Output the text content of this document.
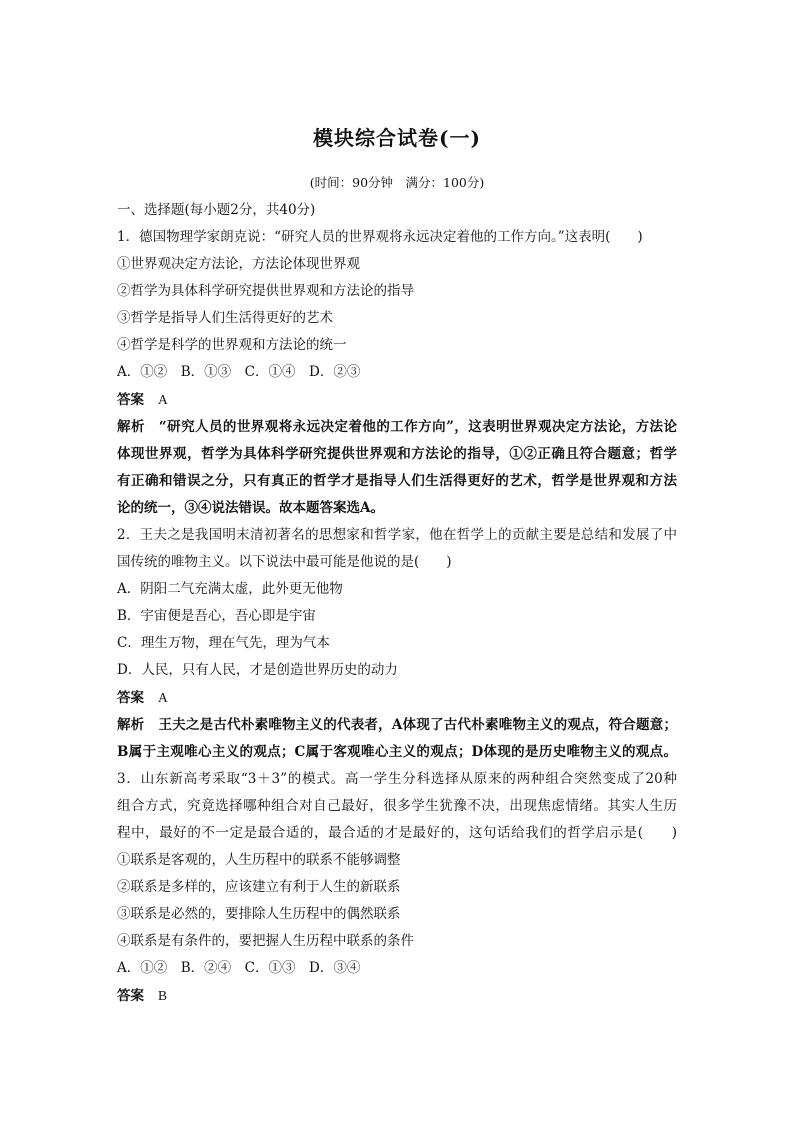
模块综合试卷(一)
(时间：90分钟　满分：100分)
一、选择题(每小题2分，共40分)
1．德国物理学家朗克说：“研究人员的世界观将永远决定着他的工作方向。”这表明(　　)
①世界观决定方法论，方法论体现世界观
②哲学为具体科学研究提供世界观和方法论的指导
③哲学是指导人们生活得更好的艺术
④哲学是科学的世界观和方法论的统一
A．①②　B．①③　C．①④　D．②③
答案 A
解析 “研究人员的世界观将永远决定着他的工作方向”，这表明世界观决定方法论，方法论
体现世界观，哲学为具体科学研究提供世界观和方法论的指导，①②正确且符合题意；哲学
有正确和错误之分，只有真正的哲学才是指导人们生活得更好的艺术，哲学是世界观和方法
论的统一，③④说法错误。故本题答案选A。
2．王夫之是我国明末清初著名的思想家和哲学家，他在哲学上的贡献主要是总结和发展了中
国传统的唯物主义。以下说法中最可能是他说的是(　　)
A．阴阳二气充满太虚，此外更无他物
B．宇宙便是吾心，吾心即是宇宙
C．理生万物，理在气先，理为气本
D．人民，只有人民，才是创造世界历史的动力
答案 A
解析 王夫之是古代朴素唯物主义的代表者，A体现了古代朴素唯物主义的观点，符合题意；
B属于主观唯心主义的观点；C属于客观唯心主义的观点；D体现的是历史唯物主义的观点。
3．山东新高考采取“3＋3”的模式。高一学生分科选择从原来的两种组合突然变成了20种
组合方式，究竟选择哪种组合对自己最好，很多学生犹豫不决，出现焦虑情绪。其实人生历
程中，最好的不一定是最合适的，最合适的才是最好的，这句话给我们的哲学启示是(　　)
①联系是客观的，人生历程中的联系不能够调整
②联系是多样的，应该建立有利于人生的新联系
③联系是必然的，要排除人生历程中的偶然联系
④联系是有条件的，要把握人生历程中联系的条件
A．①②　B．②④　C．①③　D．③④
答案 B
